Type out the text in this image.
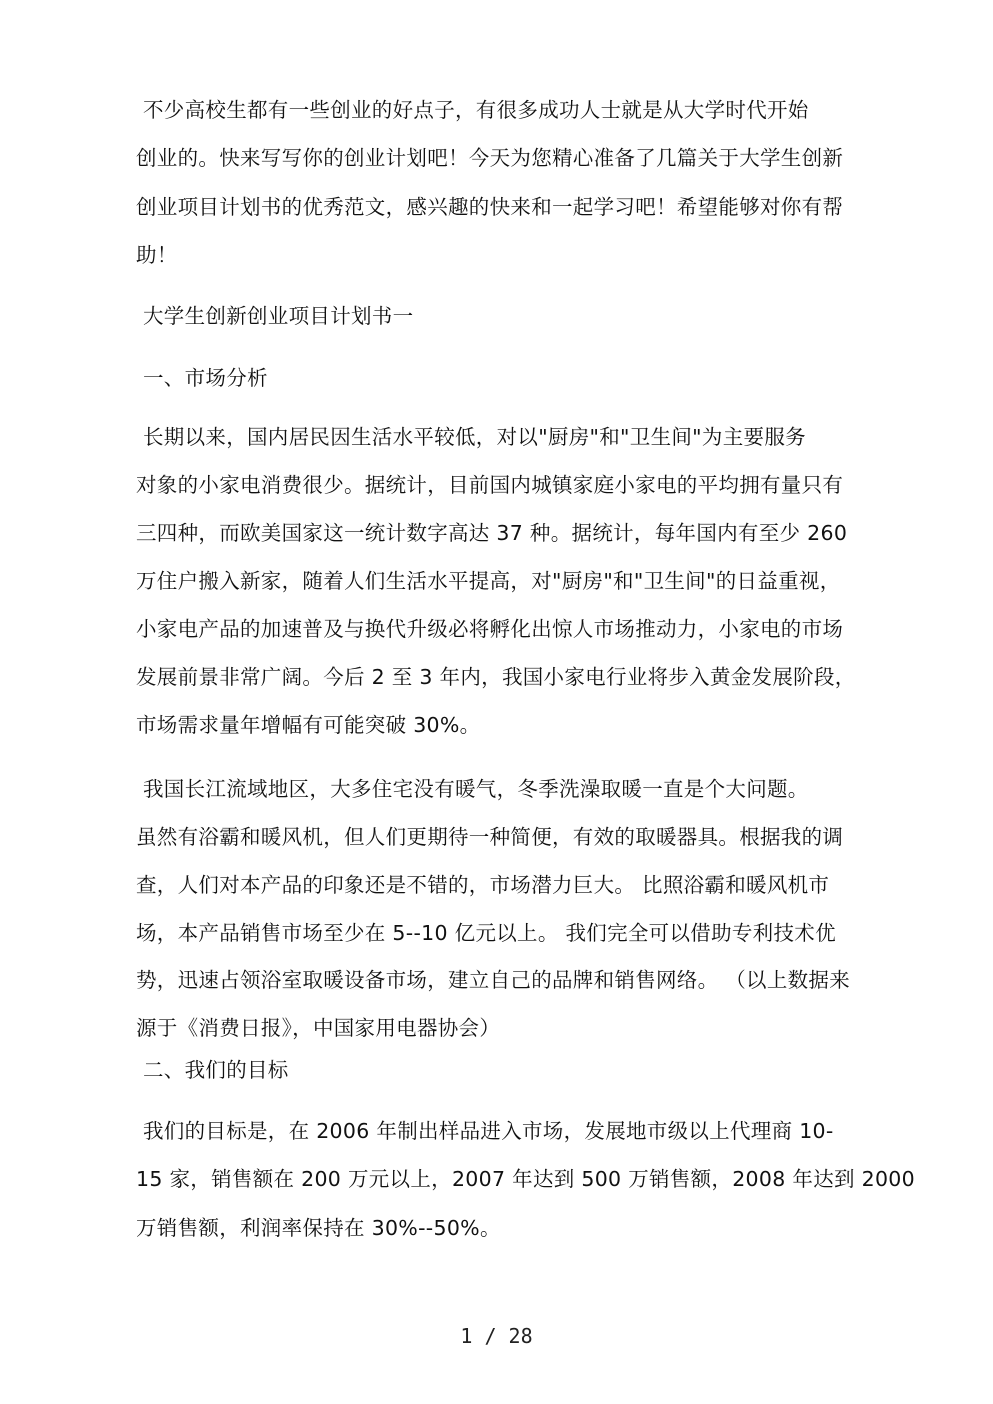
不少高校生都有一些创业的好点子，有很多成功人士就是从大学时代开始
创业的。快来写写你的创业计划吧！今天为您精心准备了几篇关于大学生创新
创业项目计划书的优秀范文，感兴趣的快来和一起学习吧！希望能够对你有帮
助！
大学生创新创业项目计划书一
一、市场分析
长期以来，国内居民因生活水平较低，对以"厨房"和"卫生间"为主要服务
对象的小家电消费很少。据统计，目前国内城镇家庭小家电的平均拥有量只有
三四种，而欧美国家这一统计数字高达 37 种。据统计，每年国内有至少 260
万住户搬入新家，随着人们生活水平提高，对"厨房"和"卫生间"的日益重视，
小家电产品的加速普及与换代升级必将孵化出惊人市场推动力，小家电的市场
发展前景非常广阔。今后 2 至 3 年内，我国小家电行业将步入黄金发展阶段，
市场需求量年增幅有可能突破 30%。
我国长江流域地区，大多住宅没有暖气，冬季洗澡取暖一直是个大问题。
虽然有浴霸和暖风机，但人们更期待一种简便，有效的取暖器具。根据我的调
查，人们对本产品的印象还是不错的，市场潜力巨大。 比照浴霸和暖风机市
场，本产品销售市场至少在 5--10 亿元以上。 我们完全可以借助专利技术优
势，迅速占领浴室取暖设备市场，建立自己的品牌和销售网络。 （以上数据来
源于《消费日报》，中国家用电器协会）
二、我们的目标
我们的目标是，在 2006 年制出样品进入市场，发展地市级以上代理商 10-
15 家，销售额在 200 万元以上，2007 年达到 500 万销售额，2008 年达到 2000
万销售额，利润率保持在 30%--50%。
1 / 28
